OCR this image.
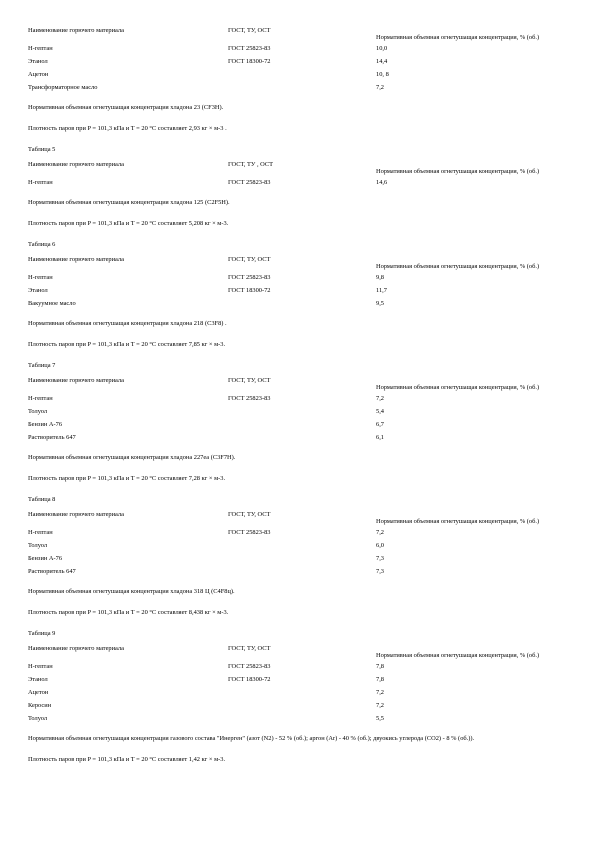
Наименование горючего материала	ГОСТ, ТУ, ОСТ	Нормативная объемная огнетушащая концентрация, % (об.)
Н-гептан	ГОСТ 25823-83	10,0
Этанол	ГОСТ 18300-72	14,4
Ацетон		10, 8
Трансформаторное масло		7,2

Нормативная объемная огнетушащая концентрация хладона 23 (CF3H).

Плотность паров при P = 101,3 кПа и T = 20 °C составляет 2,93 кг × м-3 .

Таблица 5

Наименование горючего материала	ГОСТ, ТУ , ОСТ	Нормативная объемная огнетушащая концентрация, % (об.)
Н-гептан	ГОСТ 25823-83	14,6

Нормативная объемная огнетушащая концентрация хладона 125 (C2F5H).

Плотность паров при P = 101,3 кПа и T = 20 °C составляет 5,208 кг × м-3.

Таблица 6

Наименование горючего материала	ГОСТ, ТУ, ОСТ	Нормативная объемная огнетушащая концентрация, % (об.)
Н-гептан	ГОСТ 25823-83	9,8
Этанол	ГОСТ 18300-72	11,7
Вакуумное масло		9,5

Нормативная объемная огнетушащая концентрация хладона 218 (C3F8) .

Плотность паров при P = 101,3 кПа и T = 20 °C составляет 7,85 кг × м-3.

Таблица 7

Наименование горючего материала	ГОСТ, ТУ, ОСТ	Нормативная объемная огнетушащая концентрация, % (об.)
Н-гептан	ГОСТ 25823-83	7,2
Толуол		5,4
Бензин А-76		6,7
Растворитель 647		6,1

Нормативная объемная огнетушащая концентрация хладона 227еа (C3F7H).

Плотность паров при P = 101,3 кПа и T = 20 °C составляет 7,28 кг × м-3.

Таблица 8

Наименование горючего материала	ГОСТ, ТУ, ОСТ	Нормативная объемная огнетушащая концентрация, % (об.)
Н-гептан	ГОСТ 25823-83	7,2
Толуол		6,0
Бензин А-76		7,3
Растворитель 647		7,3

Нормативная объемная огнетушащая концентрация хладона 318 Ц (C4F8ц).

Плотность паров при P = 101,3 кПа и T = 20 °C составляет 8,438 кг × м-3.

Таблица 9

Наименование горючего материала	ГОСТ, ТУ, ОСТ	Нормативная объемная огнетушащая концентрация, % (об.)
Н-гептан	ГОСТ 25823-83	7,8
Этанол	ГОСТ 18300-72	7,8
Ацетон		7,2
Керосин		7,2
Толуол		5,5

Нормативная объемная огнетушащая концентрация газового состава "Инерген" (азот (N2) - 52 % (об.); аргон (Ar) - 40 % (об.); двуокись углерода (CO2) - 8 % (об.)).

Плотность паров при P = 101,3 кПа и T = 20 °C составляет 1,42 кг × м-3.
